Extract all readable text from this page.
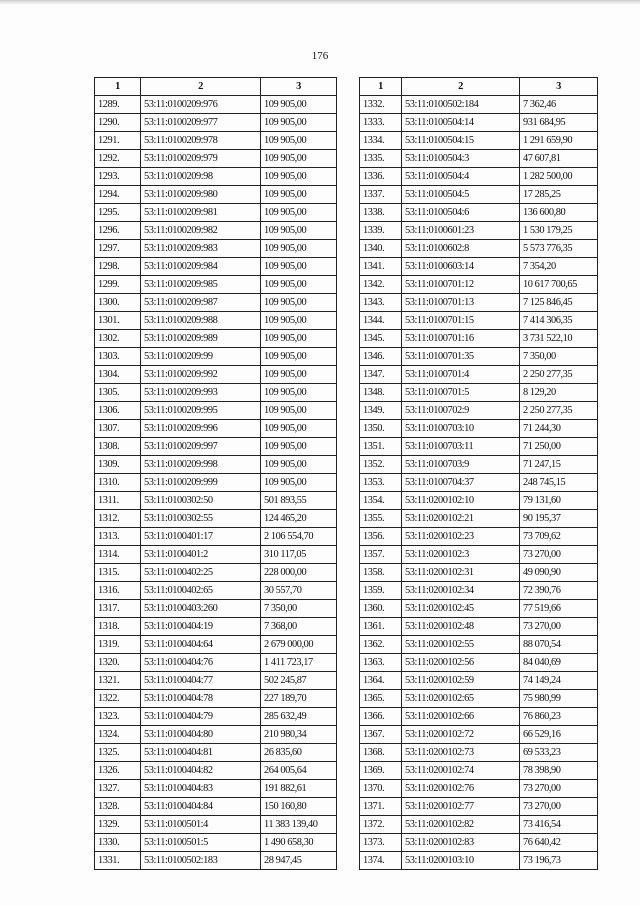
176
1	2	3
1289.	53:11:0100209:976	109 905,00
1290.	53:11:0100209:977	109 905,00
1291.	53:11:0100209:978	109 905,00
1292.	53:11:0100209:979	109 905,00
1293.	53:11:0100209:98	109 905,00
1294.	53:11:0100209:980	109 905,00
1295.	53:11:0100209:981	109 905,00
1296.	53:11:0100209:982	109 905,00
1297.	53:11:0100209:983	109 905,00
1298.	53:11:0100209:984	109 905,00
1299.	53:11:0100209:985	109 905,00
1300.	53:11:0100209:987	109 905,00
1301.	53:11:0100209:988	109 905,00
1302.	53:11:0100209:989	109 905,00
1303.	53:11:0100209:99	109 905,00
1304.	53:11:0100209:992	109 905,00
1305.	53:11:0100209:993	109 905,00
1306.	53:11:0100209:995	109 905,00
1307.	53:11:0100209:996	109 905,00
1308.	53:11:0100209:997	109 905,00
1309.	53:11:0100209:998	109 905,00
1310.	53:11:0100209:999	109 905,00
1311.	53:11:0100302:50	501 893,55
1312.	53:11:0100302:55	124 465,20
1313.	53:11:0100401:17	2 106 554,70
1314.	53:11:0100401:2	310 117,05
1315.	53:11:0100402:25	228 000,00
1316.	53:11:0100402:65	30 557,70
1317.	53:11:0100403:260	7 350,00
1318.	53:11:0100404:19	7 368,00
1319.	53:11:0100404:64	2 679 000,00
1320.	53:11:0100404:76	1 411 723,17
1321.	53:11:0100404:77	502 245,87
1322.	53:11:0100404:78	227 189,70
1323.	53:11:0100404:79	285 632,49
1324.	53:11:0100404:80	210 980,34
1325.	53:11:0100404:81	26 835,60
1326.	53:11:0100404:82	264 005,64
1327.	53:11:0100404:83	191 882,61
1328.	53:11:0100404:84	150 160,80
1329.	53:11:0100501:4	11 383 139,40
1330.	53:11:0100501:5	1 490 658,30
1331.	53:11:0100502:183	28 947,45
1	2	3
1332.	53:11:0100502:184	7 362,46
1333.	53:11:0100504:14	931 684,95
1334.	53:11:0100504:15	1 291 659,90
1335.	53:11:0100504:3	47 607,81
1336.	53:11:0100504:4	1 282 500,00
1337.	53:11:0100504:5	17 285,25
1338.	53:11:0100504:6	136 600,80
1339.	53:11:0100601:23	1 530 179,25
1340.	53:11:0100602:8	5 573 776,35
1341.	53:11:0100603:14	7 354,20
1342.	53:11:0100701:12	10 617 700,65
1343.	53:11:0100701:13	7 125 846,45
1344.	53:11:0100701:15	7 414 306,35
1345.	53:11:0100701:16	3 731 522,10
1346.	53:11:0100701:35	7 350,00
1347.	53:11:0100701:4	2 250 277,35
1348.	53:11:0100701:5	8 129,20
1349.	53:11:0100702:9	2 250 277,35
1350.	53:11:0100703:10	71 244,30
1351.	53:11:0100703:11	71 250,00
1352.	53:11:0100703:9	71 247,15
1353.	53:11:0100704:37	248 745,15
1354.	53:11:0200102:10	79 131,60
1355.	53:11:0200102:21	90 195,37
1356.	53:11:0200102:23	73 709,62
1357.	53:11:0200102:3	73 270,00
1358.	53:11:0200102:31	49 090,90
1359.	53:11:0200102:34	72 390,76
1360.	53:11:0200102:45	77 519,66
1361.	53:11:0200102:48	73 270,00
1362.	53:11:0200102:55	88 070,54
1363.	53:11:0200102:56	84 040,69
1364.	53:11:0200102:59	74 149,24
1365.	53:11:0200102:65	75 980,99
1366.	53:11:0200102:66	76 860,23
1367.	53:11:0200102:72	66 529,16
1368.	53:11:0200102:73	69 533,23
1369.	53:11:0200102:74	78 398,90
1370.	53:11:0200102:76	73 270,00
1371.	53:11:0200102:77	73 270,00
1372.	53:11:0200102:82	73 416,54
1373.	53:11:0200102:83	76 640,42
1374.	53:11:0200103:10	73 196,73
